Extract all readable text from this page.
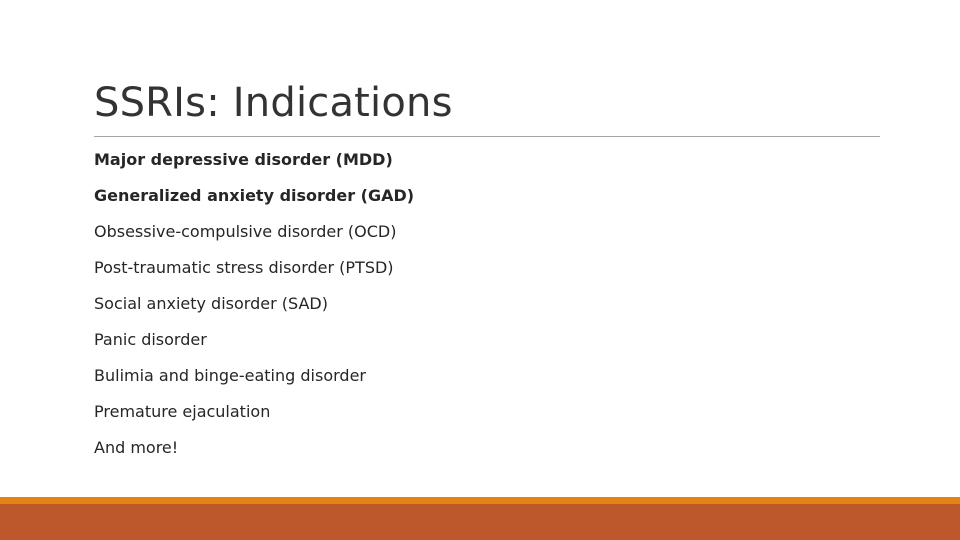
SSRIs: Indications
Major depressive disorder (MDD)
Generalized anxiety disorder (GAD)
Obsessive-compulsive disorder (OCD)
Post-traumatic stress disorder (PTSD)
Social anxiety disorder (SAD)
Panic disorder
Bulimia and binge-eating disorder
Premature ejaculation
And more!
